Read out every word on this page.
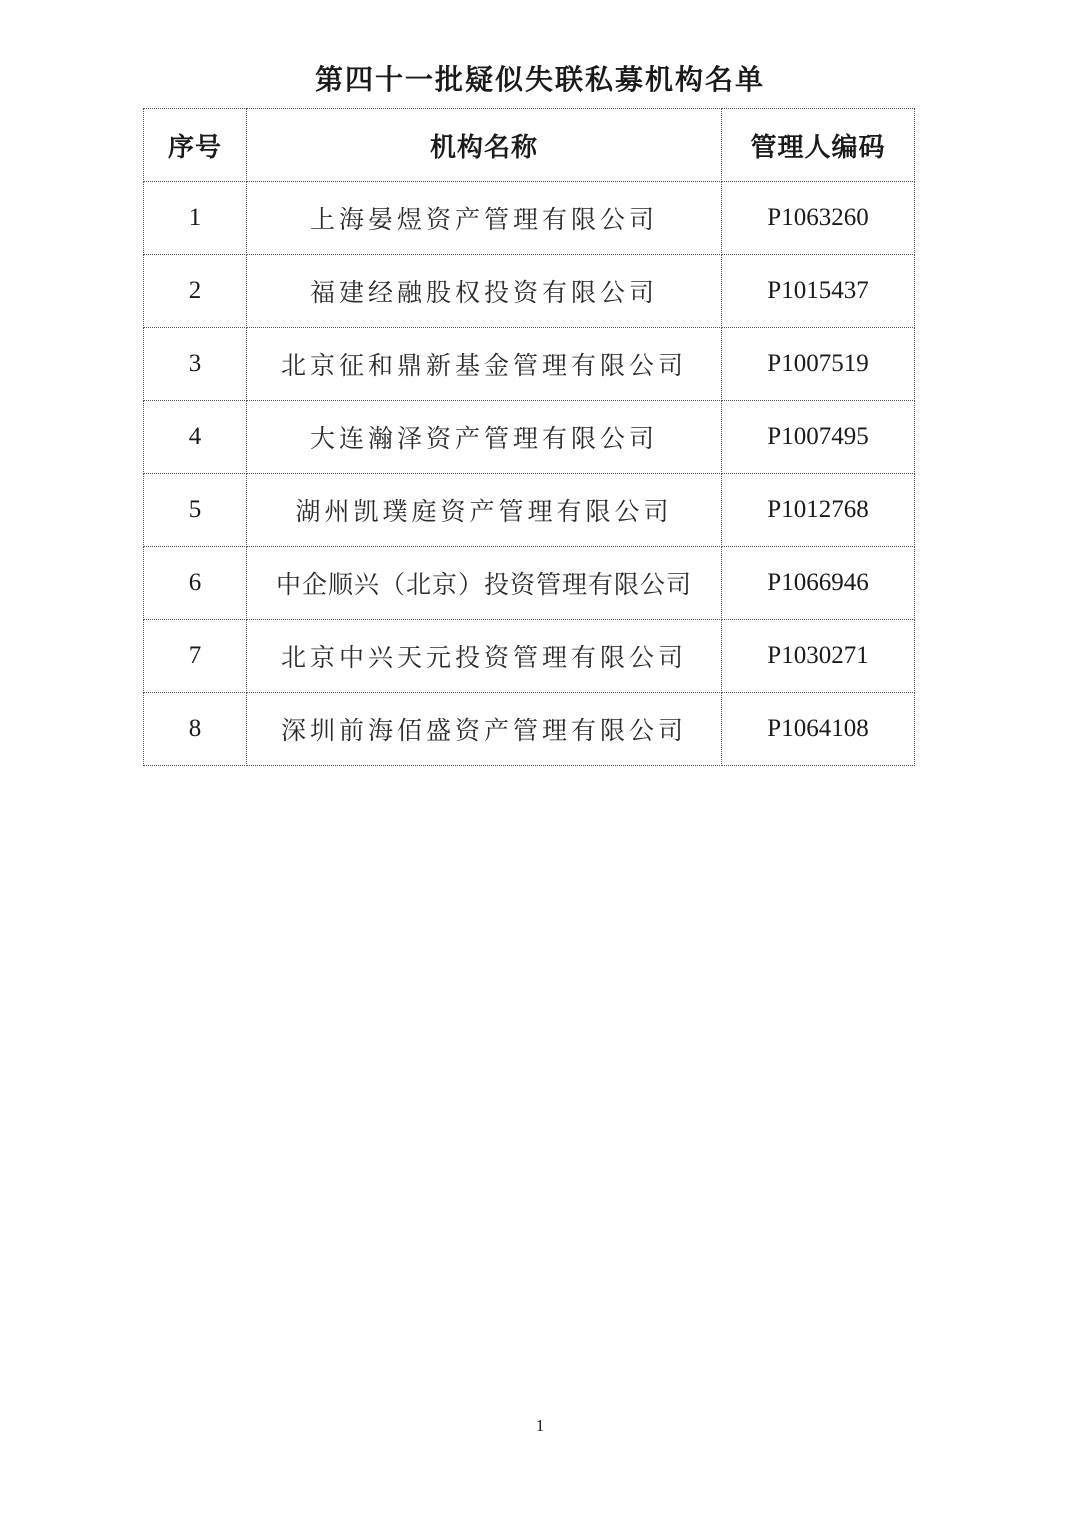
第四十一批疑似失联私募机构名单
序号	机构名称	管理人编码
1	上海晏煜资产管理有限公司	P1063260
2	福建经融股权投资有限公司	P1015437
3	北京征和鼎新基金管理有限公司	P1007519
4	大连瀚泽资产管理有限公司	P1007495
5	湖州凯璞庭资产管理有限公司	P1012768
6	中企顺兴（北京）投资管理有限公司	P1066946
7	北京中兴天元投资管理有限公司	P1030271
8	深圳前海佰盛资产管理有限公司	P1064108
1
